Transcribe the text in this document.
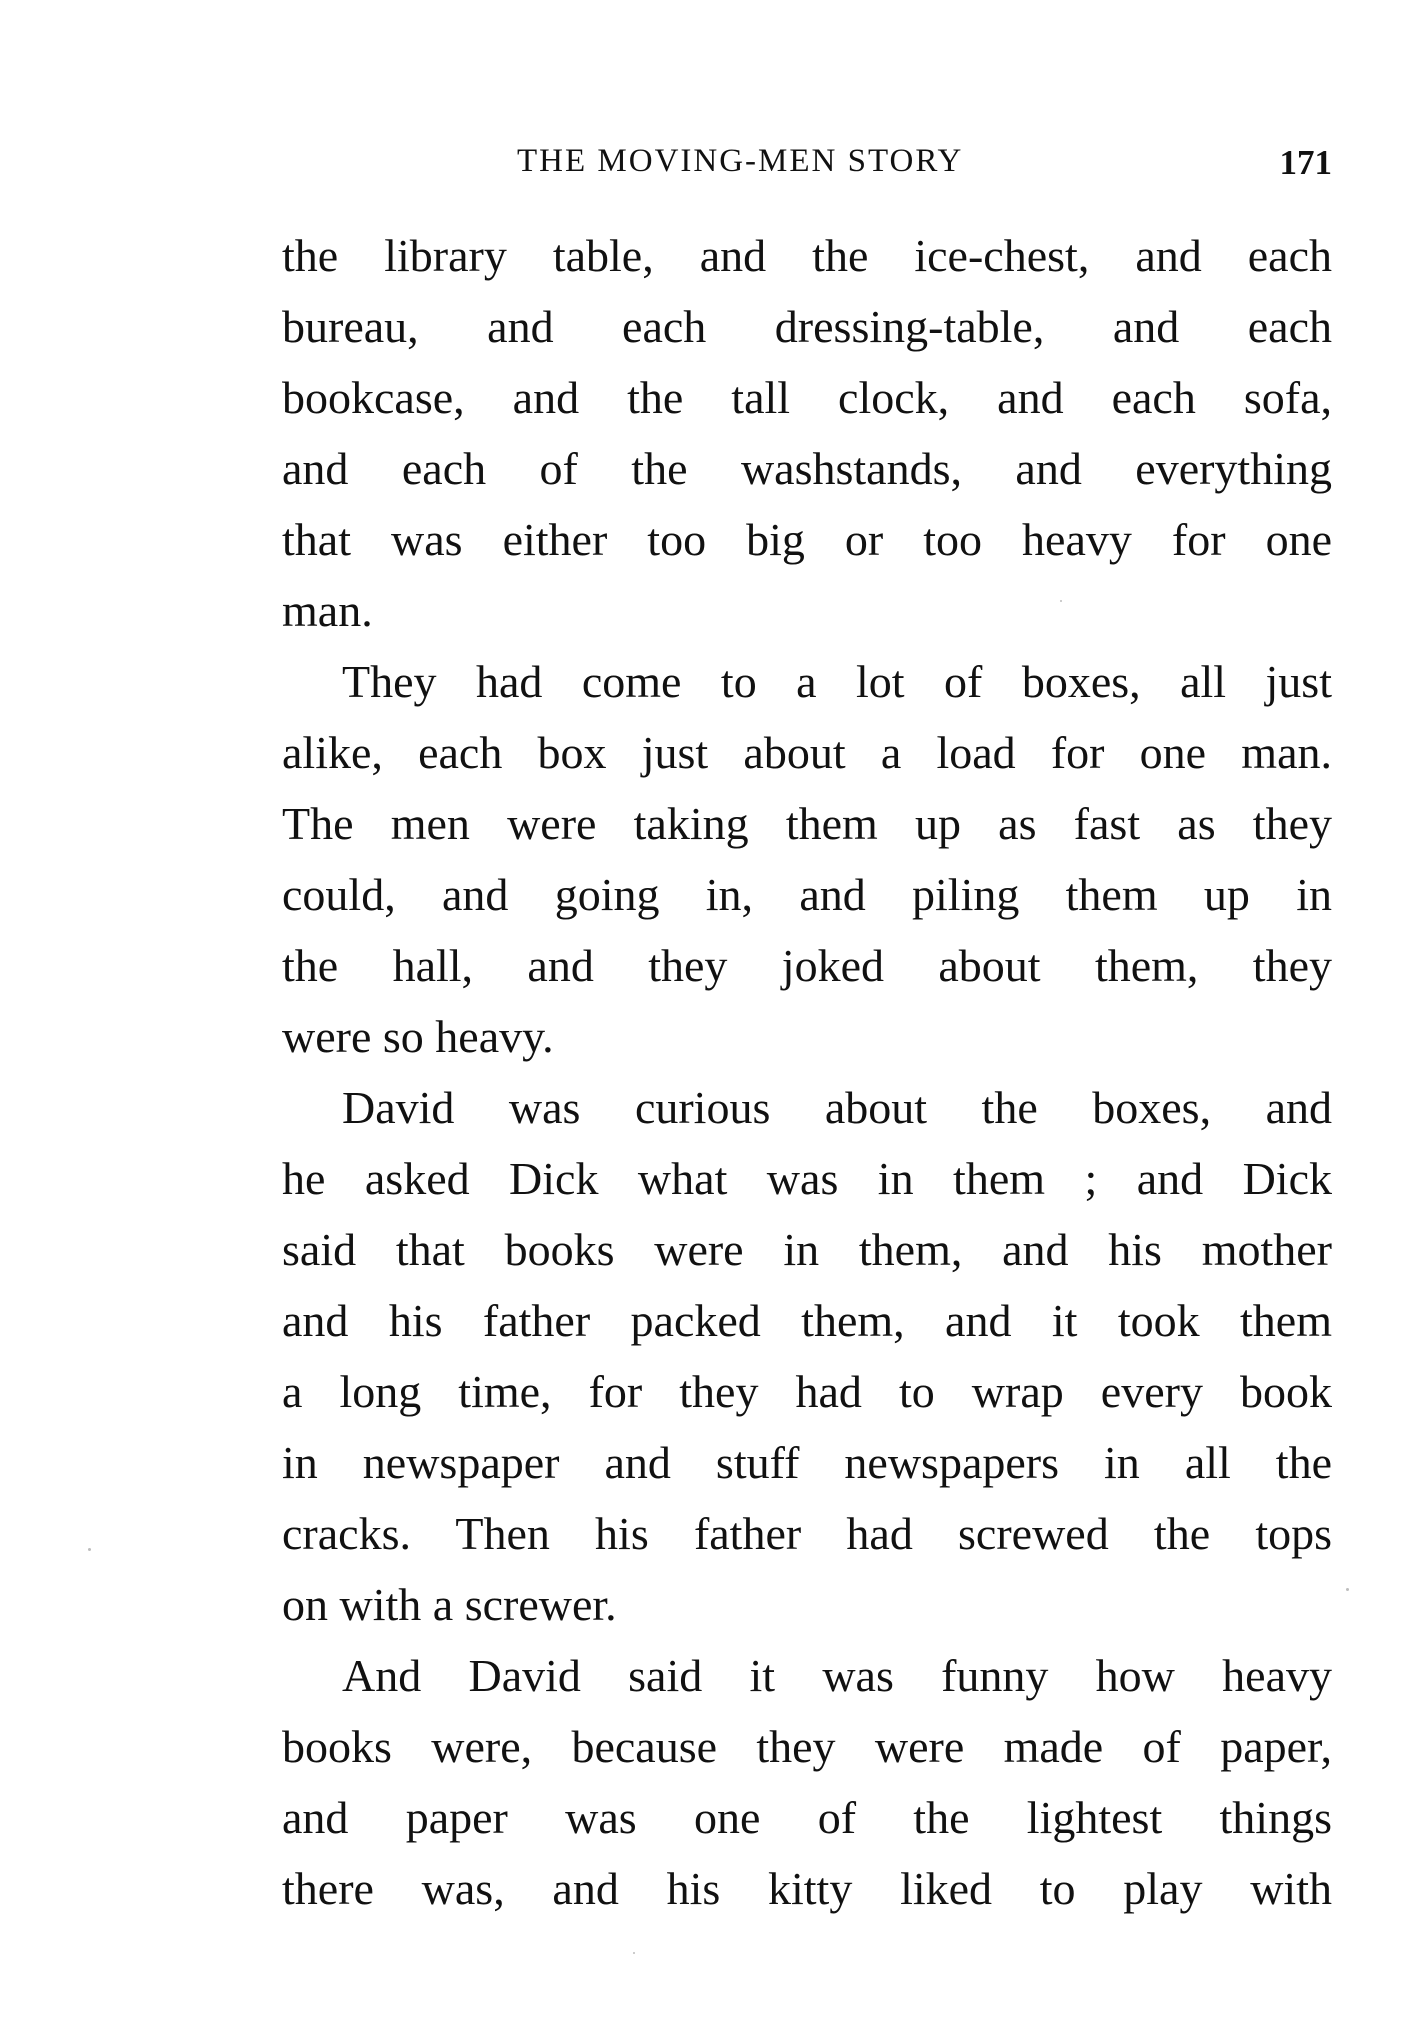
THE MOVING-MEN STORY	171
the library table, and the ice-chest, and each
bureau, and each dressing-table, and each
bookcase, and the tall clock, and each sofa,
and each of the washstands, and everything
that was either too big or too heavy for one
man.
They had come to a lot of boxes, all just
alike, each box just about a load for one man.
The men were taking them up as fast as they
could, and going in, and piling them up in
the hall, and they joked about them, they
were so heavy.
David was curious about the boxes, and
he asked Dick what was in them ; and Dick
said that books were in them, and his mother
and his father packed them, and it took them
a long time, for they had to wrap every book
in newspaper and stuff newspapers in all the
cracks. Then his father had screwed the tops
on with a screwer.
And David said it was funny how heavy
books were, because they were made of paper,
and paper was one of the lightest things
there was, and his kitty liked to play with
